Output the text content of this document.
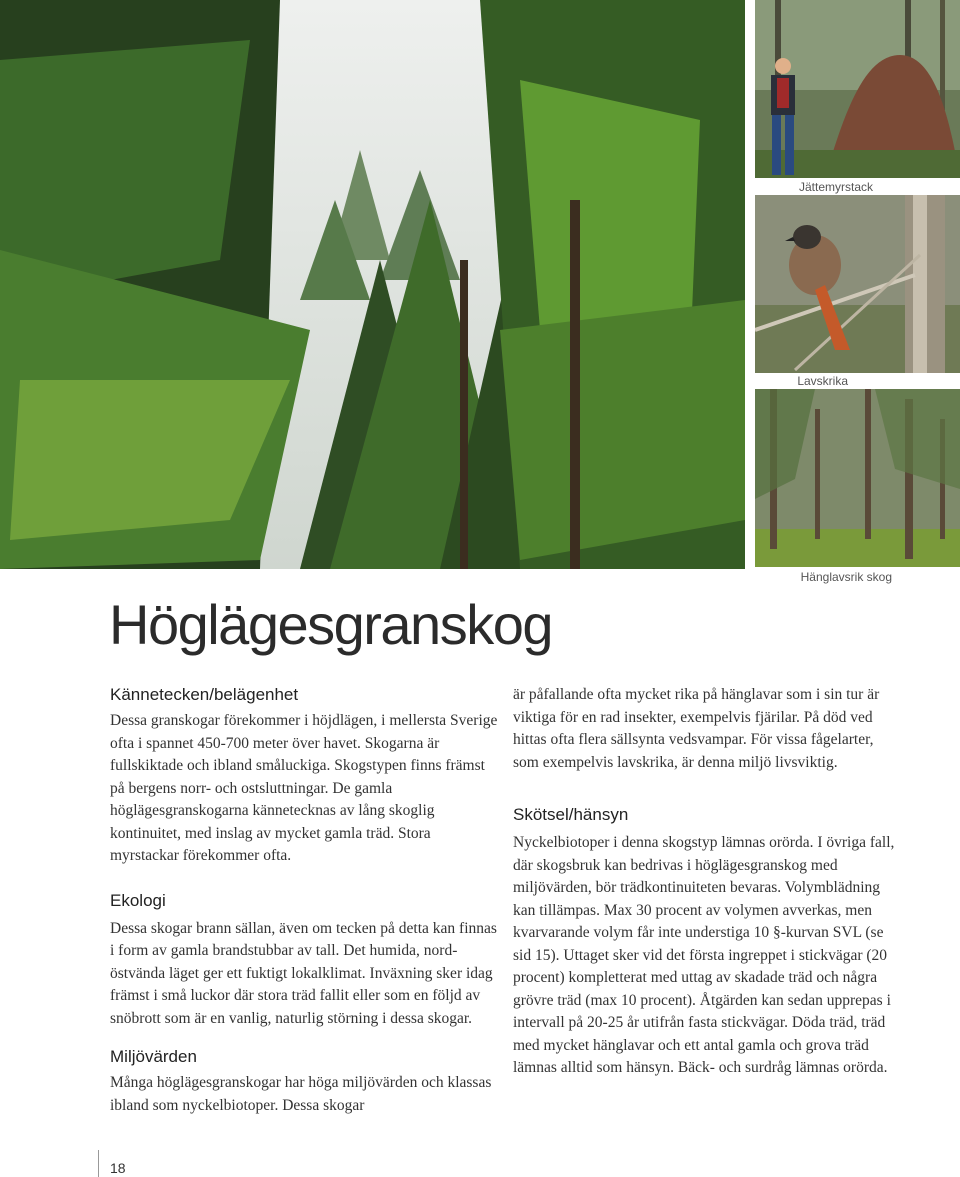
Jättemyrstack
Lavskrika
Hänglavsrik skog
Höglägesgranskog
Kännetecken/belägenhet

Dessa granskogar förekommer i höjdlägen, i mellersta Sverige ofta i spannet 450-700 meter över havet. Skogarna är fullskiktade och ibland småluckiga. Skogstypen finns främst på bergens norr- och ostsluttningar. De gamla höglägesgranskogarna kännetecknas av lång skoglig kontinuitet, med inslag av mycket gamla träd. Stora myrstackar förekommer ofta.

Ekologi

Dessa skogar brann sällan, även om tecken på detta kan finnas i form av gamla brandstubbar av tall. Det humida, nord-östvända läget ger ett fuktigt lokalklimat. Inväxning sker idag främst i små luckor där stora träd fallit eller som en följd av snöbrott som är en vanlig, naturlig störning i dessa skogar.

Miljövärden

Många höglägesgranskogar har höga miljövärden och klassas ibland som nyckelbiotoper. Dessa skogar

är påfallande ofta mycket rika på hänglavar som i sin tur är viktiga för en rad insekter, exempelvis fjärilar. På död ved hittas ofta flera sällsynta vedsvampar. För vissa fågelarter, som exempelvis lavskrika, är denna miljö livsviktig.

Skötsel/hänsyn

Nyckelbiotoper i denna skogstyp lämnas orörda. I övriga fall, där skogsbruk kan bedrivas i höglägesgranskog med miljövärden, bör trädkontinuiteten bevaras. Volymblädning kan tillämpas. Max 30 procent av volymen avverkas, men kvarvarande volym får inte understiga 10 §-kurvan SVL (se sid 15). Uttaget sker vid det första ingreppet i stickvägar (20 procent) kompletterat med uttag av skadade träd och några grövre träd (max 10 procent). Åtgärden kan sedan upprepas i intervall på 20-25 år utifrån fasta stickvägar. Döda träd, träd med mycket hänglavar och ett antal gamla och grova träd lämnas alltid som hänsyn. Bäck- och surdråg lämnas orörda.

18
